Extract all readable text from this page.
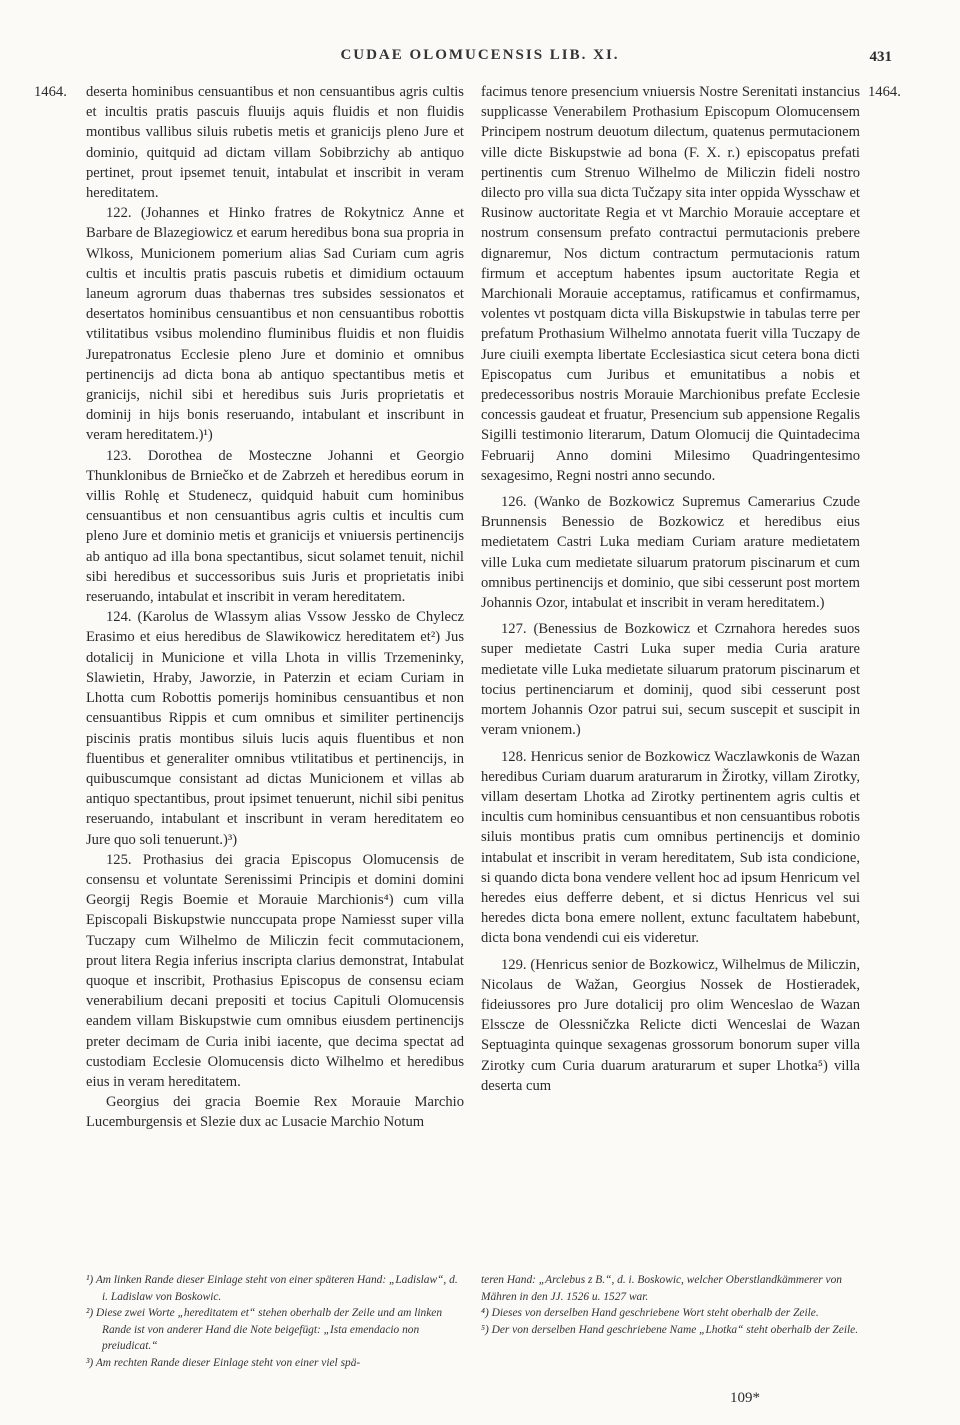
CUDAE OLOMUCENSIS LIB. XI.	431
1464.	1464.

deserta hominibus censuantibus et non censuantibus agris cultis et incultis pratis pascuis fluuijs aquis fluidis et non fluidis montibus vallibus siluis rubetis metis et granicijs pleno Jure et dominio, quitquid ad dictam villam Sobibrzichy ab antiquo pertinet, prout ipsemet tenuit, intabulat et inscribit in veram hereditatem.

122. (Johannes et Hinko fratres de Rokytnicz Anne et Barbare de Blazegiowicz et earum heredibus bona sua propria in Wlkoss, Municionem pomerium alias Sad Curiam cum agris cultis et incultis pratis pascuis rubetis et dimidium octauum laneum agrorum duas thabernas tres subsides sessionatos et desertatos hominibus censuantibus et non censuantibus robottis vtilitatibus vsibus molendino fluminibus fluidis et non fluidis Jurepatronatus Ecclesie pleno Jure et dominio et omnibus pertinencijs ad dicta bona ab antiquo spectantibus metis et granicijs, nichil sibi et heredibus suis Juris proprietatis et dominij in hijs bonis reseruando, intabulant et inscribunt in veram hereditatem.)¹)

123. Dorothea de Mosteczne Johanni et Georgio Thunklonibus de Brniečko et de Zabrzeh et heredibus eorum in villis Rohlę et Studenecz, quidquid habuit cum hominibus censuantibus et non censuantibus agris cultis et incultis cum pleno Jure et dominio metis et granicijs et vniuersis pertinencijs ab antiquo ad illa bona spectantibus, sicut solamet tenuit, nichil sibi heredibus et successoribus suis Juris et proprietatis inibi reseruando, intabulat et inscribit in veram hereditatem.

124. (Karolus de Wlassym alias Vssow Jessko de Chylecz Erasimo et eius heredibus de Slawikowicz hereditatem et²) Jus dotalicij in Municione et villa Lhota in villis Trzemeninky, Slawietin, Hraby, Jaworzie, in Paterzin et eciam Curiam in Lhotta cum Robottis pomerijs hominibus censuantibus et non censuantibus Rippis et cum omnibus et similiter pertinencijs piscinis pratis montibus siluis lucis aquis fluentibus et non fluentibus et generaliter omnibus vtilitatibus et pertinencijs, in quibuscumque consistant ad dictas Municionem et villas ab antiquo spectantibus, prout ipsimet tenuerunt, nichil sibi penitus reseruando, intabulant et inscribunt in veram hereditatem eo Jure quo soli tenuerunt.)³)

125. Prothasius dei gracia Episcopus Olomucensis de consensu et voluntate Serenissimi Principis et domini domini Georgij Regis Boemie et Morauie Marchionis⁴) cum villa Episcopali Biskupstwie nunccupata prope Namiesst super villa Tuczapy cum Wilhelmo de Miliczin fecit commutacionem, prout litera Regia inferius inscripta clarius demonstrat, Intabulat quoque et inscribit, Prothasius Episcopus de consensu eciam venerabilium decani prepositi et tocius Capituli Olomucensis eandem villam Biskupstwie cum omnibus eiusdem pertinencijs preter decimam de Curia inibi iacente, que decima spectat ad custodiam Ecclesie Olomucensis dicto Wilhelmo et heredibus eius in veram hereditatem.

Georgius dei gracia Boemie Rex Morauie Marchio Lucemburgensis et Slezie dux ac Lusacie Marchio Notum

facimus tenore presencium vniuersis Nostre Serenitati instancius supplicasse Venerabilem Prothasium Episcopum Olomucensem Principem nostrum deuotum dilectum, quatenus permutacionem ville dicte Biskupstwie ad bona (F. X. r.) episcopatus prefati pertinentis cum Strenuo Wilhelmo de Miliczin fideli nostro dilecto pro villa sua dicta Tučzapy sita inter oppida Wysschaw et Rusinow auctoritate Regia et vt Marchio Morauie acceptare et nostrum consensum prefato contractui permutacionis prebere dignaremur, Nos dictum contractum permutacionis ratum firmum et acceptum habentes ipsum auctoritate Regia et Marchionali Morauie acceptamus, ratificamus et confirmamus, volentes vt postquam dicta villa Biskupstwie in tabulas terre per prefatum Prothasium Wilhelmo annotata fuerit villa Tuczapy de Jure ciuili exempta libertate Ecclesiastica sicut cetera bona dicti Episcopatus cum Juribus et emunitatibus a nobis et predecessoribus nostris Morauie Marchionibus prefate Ecclesie concessis gaudeat et fruatur, Presencium sub appensione Regalis Sigilli testimonio literarum, Datum Olomucij die Quintadecima Februarij Anno domini Milesimo Quadringentesimo sexagesimo, Regni nostri anno secundo.

126. (Wanko de Bozkowicz Supremus Camerarius Czude Brunnensis Benessio de Bozkowicz et heredibus eius medietatem Castri Luka mediam Curiam arature medietatem ville Luka cum medietate siluarum pratorum piscinarum et cum omnibus pertinencijs et dominio, que sibi cesserunt post mortem Johannis Ozor, intabulat et inscribit in veram hereditatem.)

127. (Benessius de Bozkowicz et Czrnahora heredes suos super medietate Castri Luka super media Curia arature medietate ville Luka medietate siluarum pratorum piscinarum et tocius pertinenciarum et dominij, quod sibi cesserunt post mortem Johannis Ozor patrui sui, secum suscepit et suscipit in veram vnionem.)

128. Henricus senior de Bozkowicz Waczlawkonis de Wazan heredibus Curiam duarum araturarum in Žirotky, villam Zirotky, villam desertam Lhotka ad Zirotky pertinentem agris cultis et incultis cum hominibus censuantibus et non censuantibus robotis siluis montibus pratis cum omnibus pertinencijs et dominio intabulat et inscribit in veram hereditatem, Sub ista condicione, si quando dicta bona vendere vellent hoc ad ipsum Henricum vel heredes eius defferre debent, et si dictus Henricus vel sui heredes dicta bona emere nollent, extunc facultatem habebunt, dicta bona vendendi cui eis videretur.

129. (Henricus senior de Bozkowicz, Wilhelmus de Miliczin, Nicolaus de Wažan, Georgius Nossek de Hostieradek, fideiussores pro Jure dotalicij pro olim Wenceslao de Wazan Elsscze de Olessničzka Relicte dicti Wenceslai de Wazan Septuaginta quinque sexagenas grossorum bonorum super villa Zirotky cum Curia duarum araturarum et super Lhotka⁵) villa deserta cum

¹) Am linken Rande dieser Einlage steht von einer späteren Hand: „Ladislaw“, d. i. Ladislaw von Boskowic.

²) Diese zwei Worte „hereditatem et“ stehen oberhalb der Zeile und am linken Rande ist von anderer Hand die Note beigefügt: „Ista emendacio non preiudicat.“

³) Am rechten Rande dieser Einlage steht von einer viel spä-

teren Hand: „Arclebus z B.“, d. i. Boskowic, welcher Oberstlandkämmerer von Mähren in den JJ. 1526 u. 1527 war.

⁴) Dieses von derselben Hand geschriebene Wort steht oberhalb der Zeile.

⁵) Der von derselben Hand geschriebene Name „Lhotka“ steht oberhalb der Zeile.

109*
